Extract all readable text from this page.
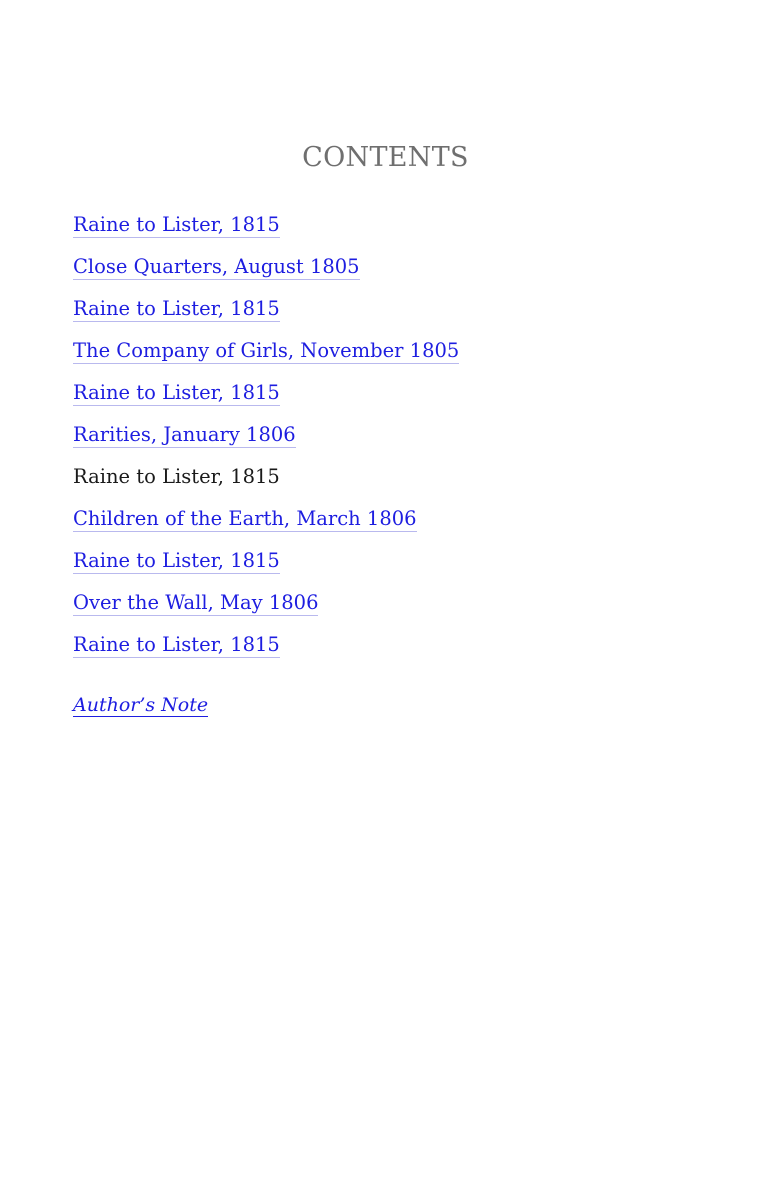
CONTENTS
Raine to Lister, 1815
Close Quarters, August 1805
Raine to Lister, 1815
The Company of Girls, November 1805
Raine to Lister, 1815
Rarities, January 1806
Raine to Lister, 1815
Children of the Earth, March 1806
Raine to Lister, 1815
Over the Wall, May 1806
Raine to Lister, 1815
Author’s Note
